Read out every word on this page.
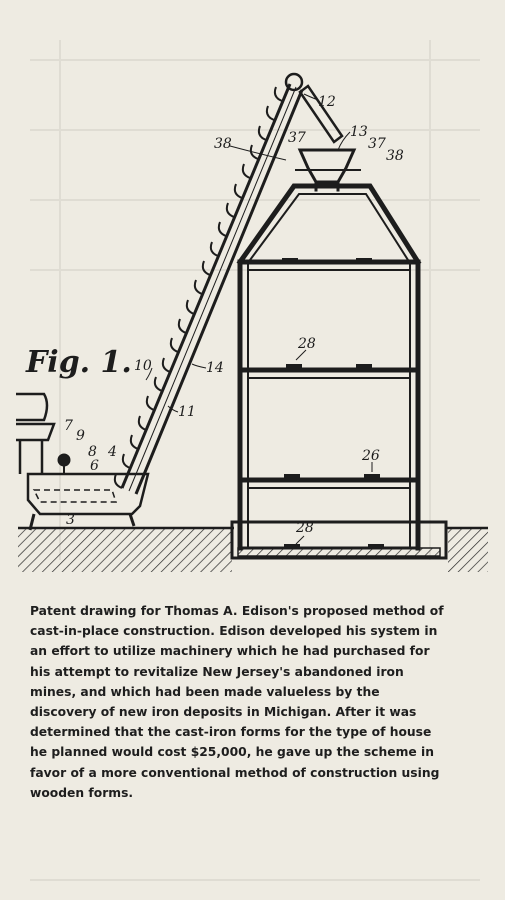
Fig. 1.
12
13
37	37
38
38
10	14
11
7
9
8 4
6
3
28
26
28
Patent drawing for Thomas A. Edison's proposed method of cast-in-place construction. Edison developed his system in an effort to utilize machinery which he had purchased for his attempt to revitalize New Jersey's abandoned iron mines, and which had been made valueless by the discovery of new iron deposits in Michigan. After it was determined that the cast-iron forms for the type of house he planned would cost $25,000, he gave up the scheme in favor of a more conventional method of construction using wooden forms.
